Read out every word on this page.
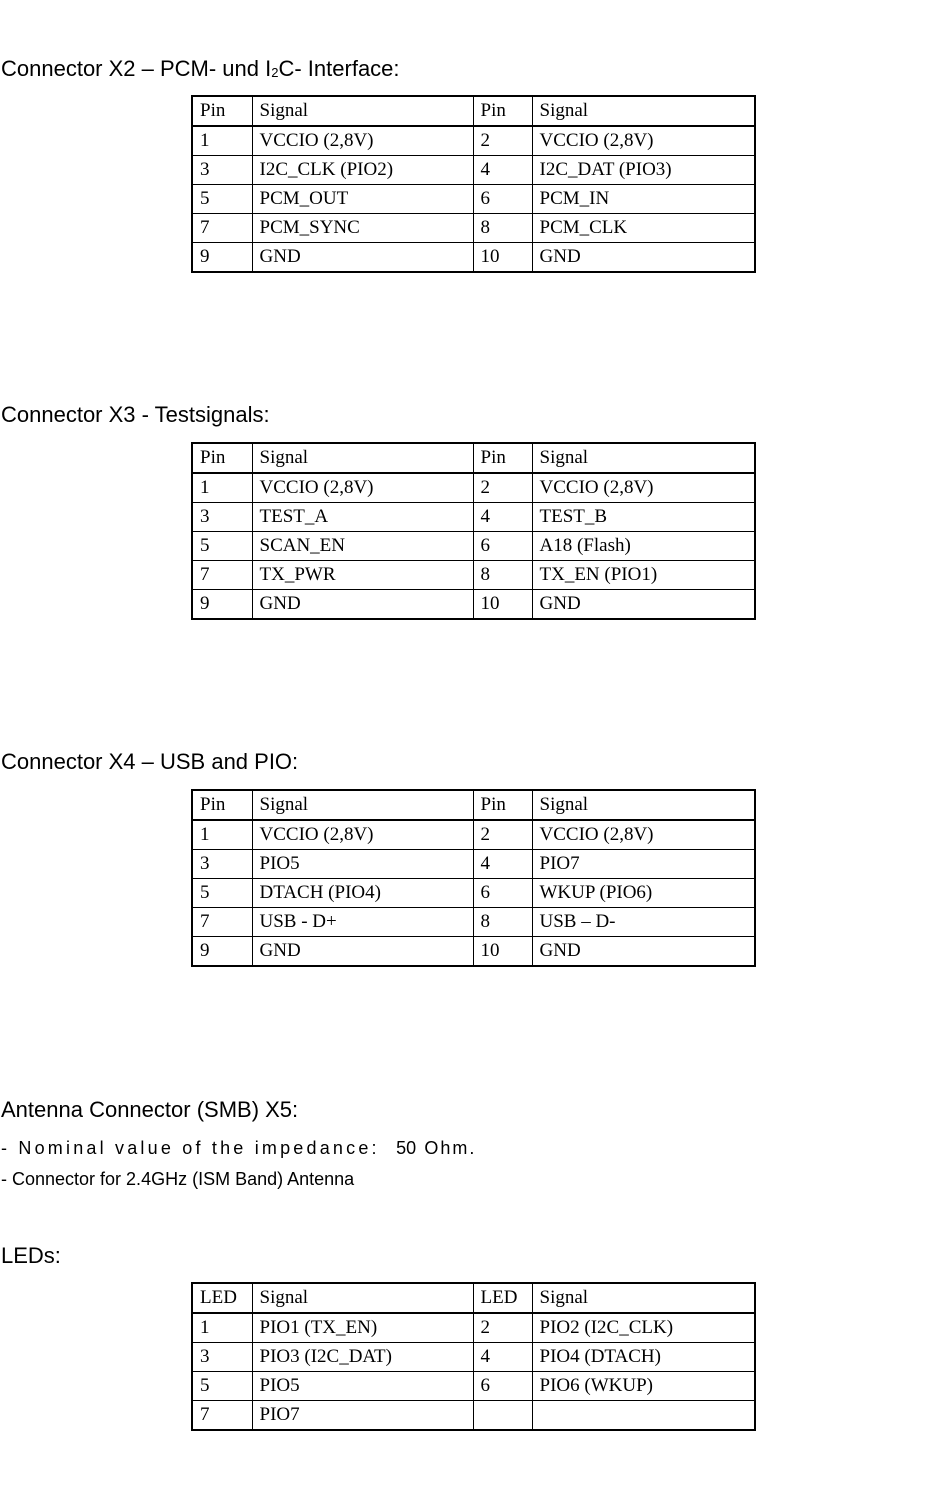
Connector X2 – PCM- und $I_2C-$ Interface:
Pin	Signal	Pin	Signal
1	VCCIO (2,8V)	2	VCCIO (2,8V)
3	I2C_CLK (PIO2)	4	I2C_DAT (PIO3)
5	PCM_OUT	6	PCM_IN
7	PCM_SYNC	8	PCM_CLK
9	GND	10	GND
Connector X3 - Testsignals:
Pin	Signal	Pin	Signal
1	VCCIO (2,8V)	2	VCCIO (2,8V)
3	TEST_A	4	TEST_B
5	SCAN_EN	6	A18 (Flash)
7	TX_PWR	8	TX_EN (PIO1)
9	GND	10	GND
Connector X4 – USB and PIO:
Pin	Signal	Pin	Signal
1	VCCIO (2,8V)	2	VCCIO (2,8V)
3	PIO5	4	PIO7
5	DTACH (PIO4)	6	WKUP (PIO6)
7	USB - D+	8	USB – D-
9	GND	10	GND
Antenna Connector (SMB) X5:
- Nominal value of the impedance: 50 Ohm.
- Connector for 2.4GHz (ISM Band) Antenna
LEDs:
LED	Signal	LED	Signal
1	PIO1 (TX_EN)	2	PIO2 (I2C_CLK)
3	PIO3 (I2C_DAT)	4	PIO4 (DTACH)
5	PIO5	6	PIO6 (WKUP)
7	PIO7		
